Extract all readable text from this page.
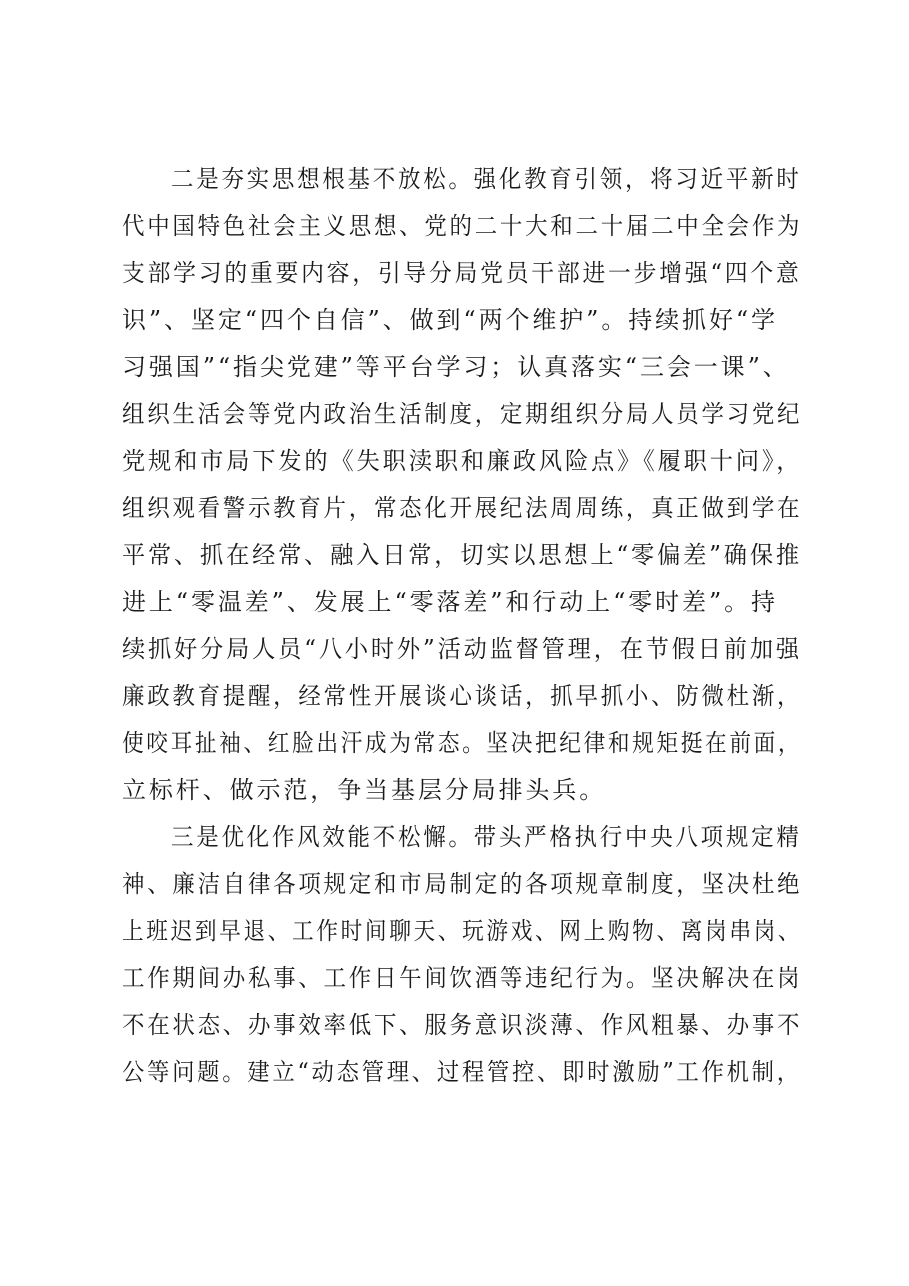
二是夯实思想根基不放松。强化教育引领，将习近平新时
代中国特色社会主义思想、党的二十大和二十届二中全会作为
支部学习的重要内容，引导分局党员干部进一步增强“四个意
识”、坚定“四个自信”、做到“两个维护”。持续抓好“学
习强国”“指尖党建”等平台学习；认真落实“三会一课”、
组织生活会等党内政治生活制度，定期组织分局人员学习党纪
党规和市局下发的《失职渎职和廉政风险点》《履职十问》，
组织观看警示教育片，常态化开展纪法周周练，真正做到学在
平常、抓在经常、融入日常，切实以思想上“零偏差”确保推
进上“零温差”、发展上“零落差”和行动上“零时差”。持
续抓好分局人员“八小时外”活动监督管理，在节假日前加强
廉政教育提醒，经常性开展谈心谈话，抓早抓小、防微杜渐，
使咬耳扯袖、红脸出汗成为常态。坚决把纪律和规矩挺在前面，
立标杆、做示范，争当基层分局排头兵。
三是优化作风效能不松懈。带头严格执行中央八项规定精
神、廉洁自律各项规定和市局制定的各项规章制度，坚决杜绝
上班迟到早退、工作时间聊天、玩游戏、网上购物、离岗串岗、
工作期间办私事、工作日午间饮酒等违纪行为。坚决解决在岗
不在状态、办事效率低下、服务意识淡薄、作风粗暴、办事不
公等问题。建立“动态管理、过程管控、即时激励”工作机制，
